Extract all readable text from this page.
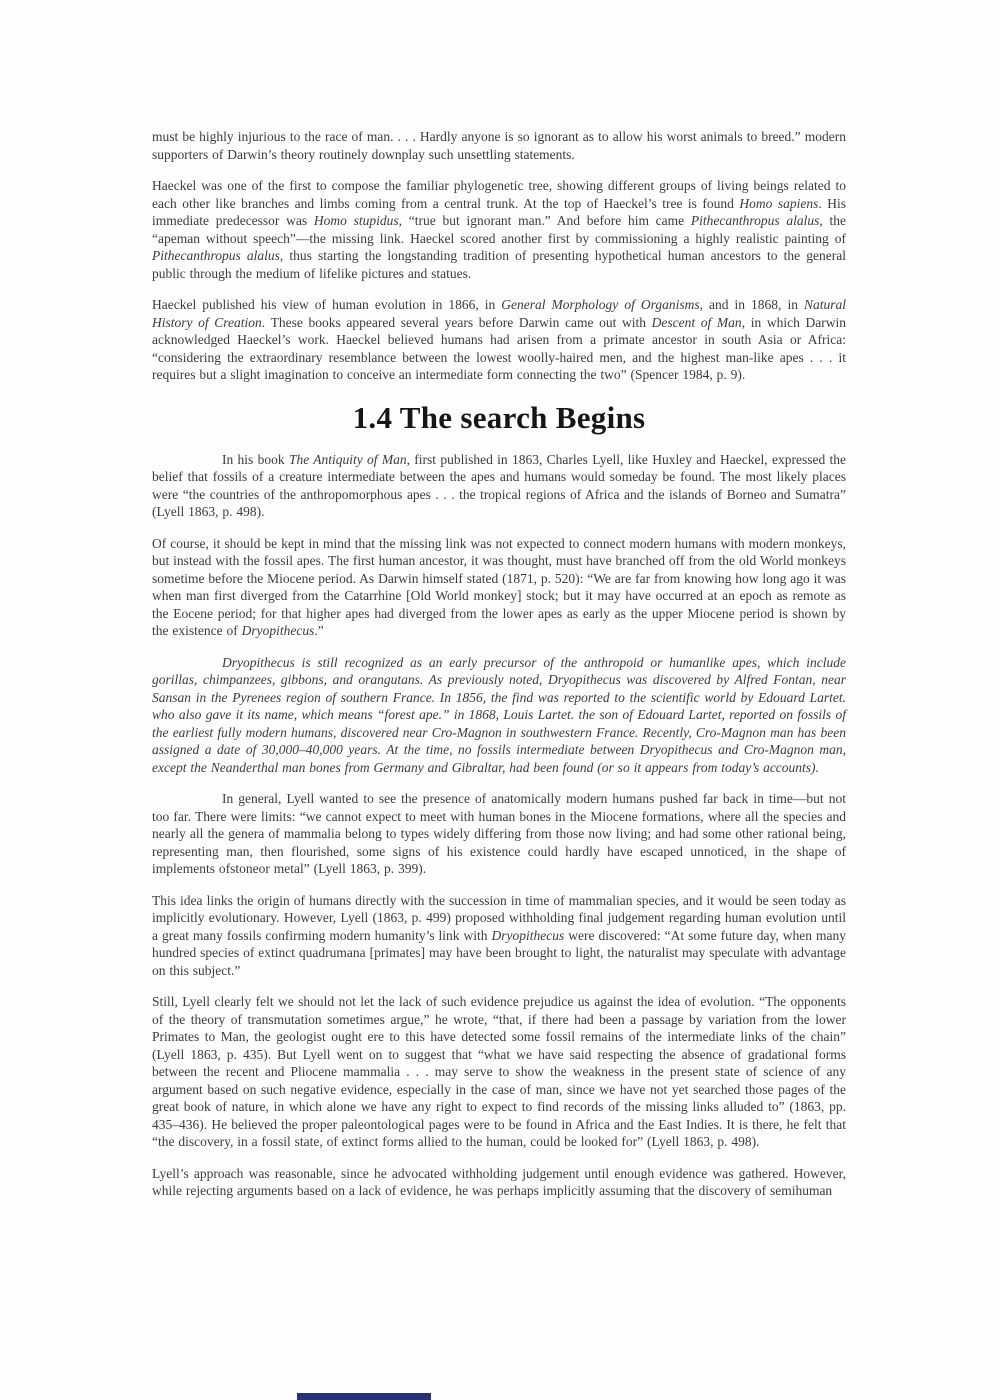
must be highly injurious to the race of man. . . . Hardly anyone is so ignorant as to allow his worst animals to breed.” modern supporters of Darwin’s theory routinely downplay such unsettling statements.

Haeckel was one of the first to compose the familiar phylogenetic tree, showing different groups of living beings related to each other like branches and limbs coming from a central trunk. At the top of Haeckel’s tree is found Homo sapiens. His immediate predecessor was Homo stupidus, “true but ignorant man.” And before him came Pithecanthropus alalus, the “apeman without speech”—the missing link. Haeckel scored another first by commissioning a highly realistic painting of Pithecanthropus alalus, thus starting the longstanding tradition of presenting hypothetical human ancestors to the general public through the medium of lifelike pictures and statues.

Haeckel published his view of human evolution in 1866, in General Morphology of Organisms, and in 1868, in Natural History of Creation. These books appeared several years before Darwin came out with Descent of Man, in which Darwin acknowledged Haeckel’s work. Haeckel believed humans had arisen from a primate ancestor in south Asia or Africa: “considering the extraordinary resemblance between the lowest woolly-haired men, and the highest man-like apes . . . it requires but a slight imagination to conceive an intermediate form connecting the two” (Spencer 1984, p. 9).

1.4 The search Begins

In his book The Antiquity of Man, first published in 1863, Charles Lyell, like Huxley and Haeckel, expressed the belief that fossils of a creature intermediate between the apes and humans would someday be found. The most likely places were “the countries of the anthropomorphous apes . . . the tropical regions of Africa and the islands of Borneo and Sumatra” (Lyell 1863, p. 498).

Of course, it should be kept in mind that the missing link was not expected to connect modern humans with modern monkeys, but instead with the fossil apes. The first human ancestor, it was thought, must have branched off from the old World monkeys sometime before the Miocene period. As Darwin himself stated (1871, p. 520): “We are far from knowing how long ago it was when man first diverged from the Catarrhine [Old World monkey] stock; but it may have occurred at an epoch as remote as the Eocene period; for that higher apes had diverged from the lower apes as early as the upper Miocene period is shown by the existence of Dryopithecus.”

Dryopithecus is still recognized as an early precursor of the anthropoid or humanlike apes, which include gorillas, chimpanzees, gibbons, and orangutans. As previously noted, Dryopithecus was discovered by Alfred Fontan, near Sansan in the Pyrenees region of southern France. In 1856, the find was reported to the scientific world by Edouard Lartet. who also gave it its name, which means “forest ape.” in 1868, Louis Lartet. the son of Edouard Lartet, reported on fossils of the earliest fully modern humans, discovered near Cro-Magnon in southwestern France. Recently, Cro-Magnon man has been assigned a date of 30,000–40,000 years. At the time, no fossils intermediate between Dryopithecus and Cro-Magnon man, except the Neanderthal man bones from Germany and Gibraltar, had been found (or so it appears from today’s accounts).

In general, Lyell wanted to see the presence of anatomically modern humans pushed far back in time—but not too far. There were limits: “we cannot expect to meet with human bones in the Miocene formations, where all the species and nearly all the genera of mammalia belong to types widely differing from those now living; and had some other rational being, representing man, then flourished, some signs of his existence could hardly have escaped unnoticed, in the shape of implements ofstoneor metal” (Lyell 1863, p. 399).

This idea links the origin of humans directly with the succession in time of mammalian species, and it would be seen today as implicitly evolutionary. However, Lyell (1863, p. 499) proposed withholding final judgement regarding human evolution until a great many fossils confirming modern humanity’s link with Dryopithecus were discovered: “At some future day, when many hundred species of extinct quadrumana [primates] may have been brought to light, the naturalist may speculate with advantage on this subject.”

Still, Lyell clearly felt we should not let the lack of such evidence prejudice us against the idea of evolution. “The opponents of the theory of transmutation sometimes argue,” he wrote, “that, if there had been a passage by variation from the lower Primates to Man, the geologist ought ere to this have detected some fossil remains of the intermediate links of the chain” (Lyell 1863, p. 435). But Lyell went on to suggest that “what we have said respecting the absence of gradational forms between the recent and Pliocene mammalia . . . may serve to show the weakness in the present state of science of any argument based on such negative evidence, especially in the case of man, since we have not yet searched those pages of the great book of nature, in which alone we have any right to expect to find records of the missing links alluded to” (1863, pp. 435–436). He believed the proper paleontological pages were to be found in Africa and the East Indies. It is there, he felt that “the discovery, in a fossil state, of extinct forms allied to the human, could be looked for” (Lyell 1863, p. 498).

Lyell’s approach was reasonable, since he advocated withholding judgement until enough evidence was gathered. However, while rejecting arguments based on a lack of evidence, he was perhaps implicitly assuming that the discovery of semihuman
